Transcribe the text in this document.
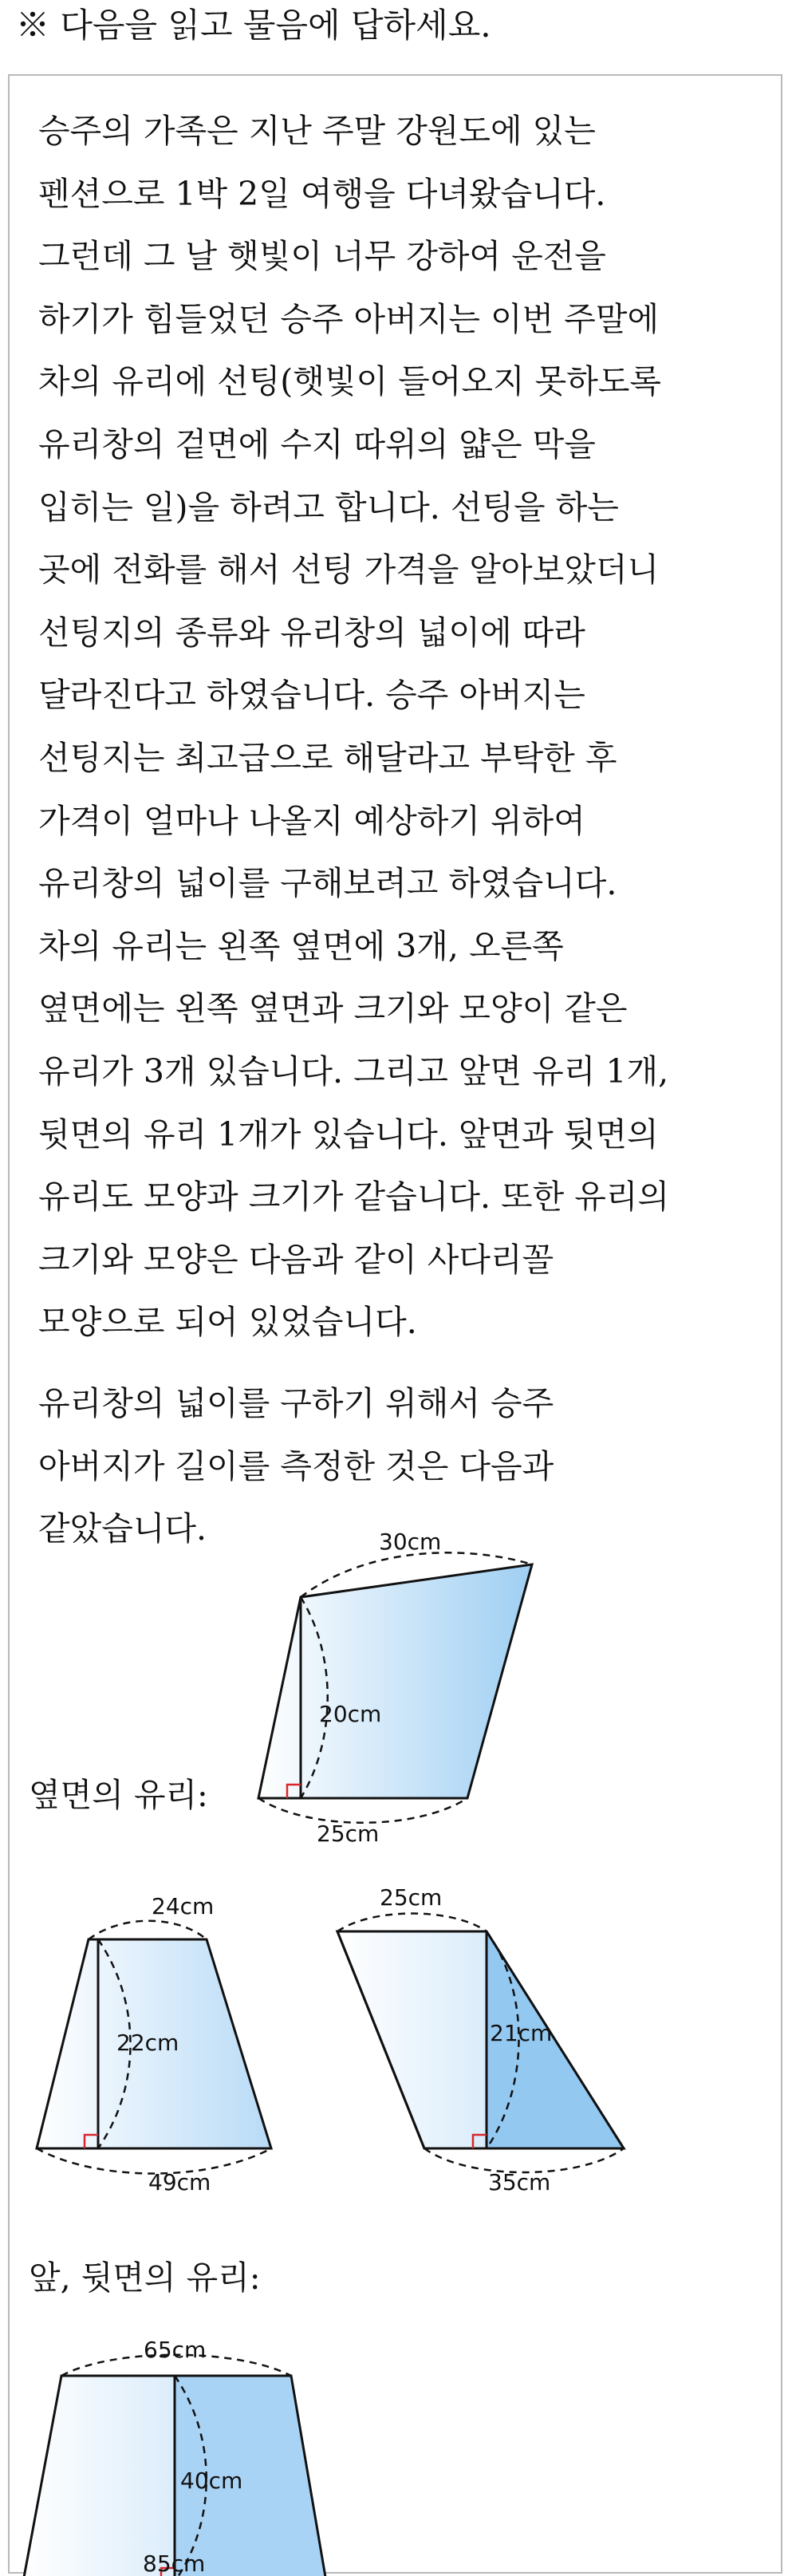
※ 다음을 읽고 물음에 답하세요.
승주의 가족은 지난 주말 강원도에 있는
펜션으로 1박 2일 여행을 다녀왔습니다.
그런데 그 날 햇빛이 너무 강하여 운전을
하기가 힘들었던 승주 아버지는 이번 주말에
차의 유리에 선팅(햇빛이 들어오지 못하도록
유리창의 겉면에 수지 따위의 얇은 막을
입히는 일)을 하려고 합니다. 선팅을 하는
곳에 전화를 해서 선팅 가격을 알아보았더니
선팅지의 종류와 유리창의 넓이에 따라
달라진다고 하였습니다. 승주 아버지는
선팅지는 최고급으로 해달라고 부탁한 후
가격이 얼마나 나올지 예상하기 위하여
유리창의 넓이를 구해보려고 하였습니다.
차의 유리는 왼쪽 옆면에 3개, 오른쪽
옆면에는 왼쪽 옆면과 크기와 모양이 같은
유리가 3개 있습니다. 그리고 앞면 유리 1개,
뒷면의 유리 1개가 있습니다. 앞면과 뒷면의
유리도 모양과 크기가 같습니다. 또한 유리의
크기와 모양은 다음과 같이 사다리꼴
모양으로 되어 있었습니다.
유리창의 넓이를 구하기 위해서 승주
아버지가 길이를 측정한 것은 다음과
같았습니다.
옆면의 유리:
앞, 뒷면의 유리:
30cm
20cm
25cm
24cm
22cm
49cm
25cm
21cm
35cm
65cm
40cm
85cm
